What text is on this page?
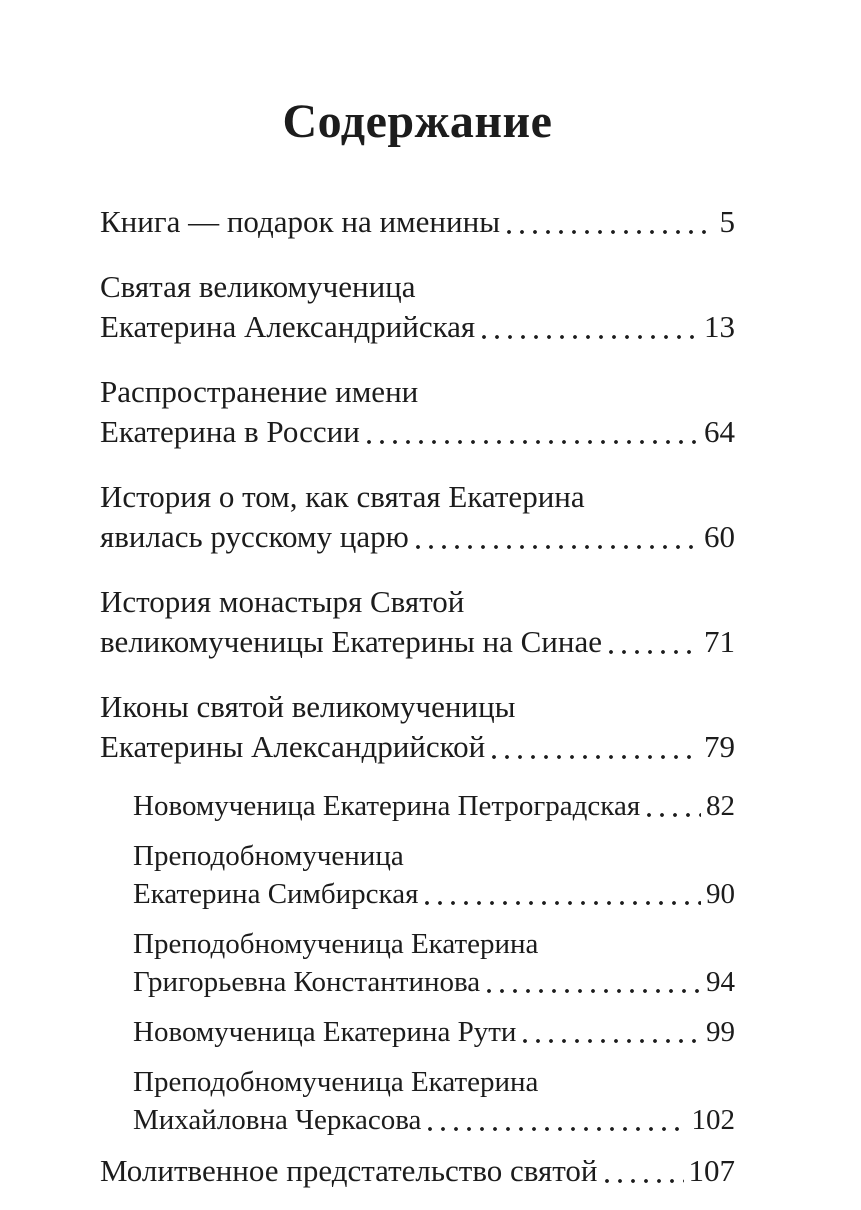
Содержание
Книга — подарок на именины	5
Святая великомученица
Екатерина Александрийская	13
Распространение имени
Екатерина в России	64
История о том, как святая Екатерина
явилась русскому царю	60
История монастыря Святой
великомученицы Екатерины на Синае	71
Иконы святой великомученицы
Екатерины Александрийской	79
Новомученица Екатерина Петроградская 82
Преподобномученица
Екатерина Симбирская	90
Преподобномученица Екатерина
Григорьевна Константинова	94
Новомученица Екатерина Рути	99
Преподобномученица Екатерина
Михайловна Черкасова	102
Молитвенное предстательство святой	107
